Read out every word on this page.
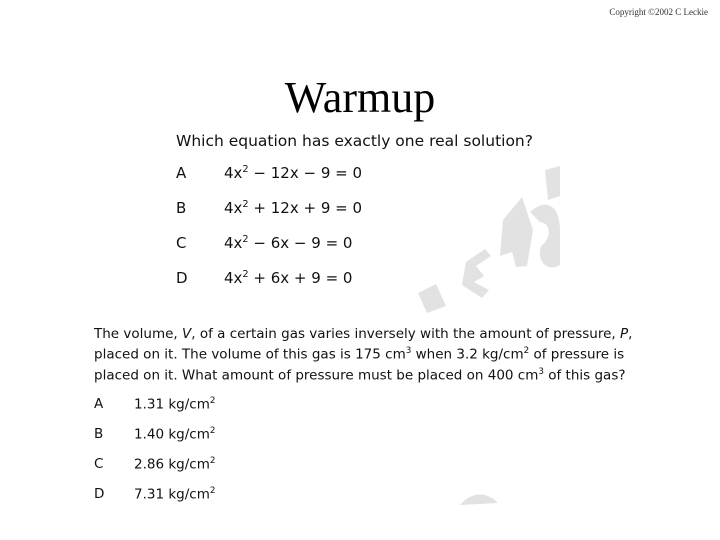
Copyright ©2002 C Leckie
Warmup
Which equation has exactly one real solution?
A	$4x^2 - 12x - 9 = 0$
B	$4x^2 + 12x + 9 = 0$
C	$4x^2 - 6x - 9 = 0$
D	$4x^2 + 6x + 9 = 0$
The volume, V, of a certain gas varies inversely with the amount of pressure, P, placed on it. The volume of this gas is 175 $cm^3$ when 3.2 $kg/cm^2$ of pressure is placed on it. What amount of pressure must be placed on 400 $cm^3$ of this gas?
A	1.31 $kg/cm^2$
B	1.40 $kg/cm^2$
C	2.86 $kg/cm^2$
D	7.31 $kg/cm^2$
